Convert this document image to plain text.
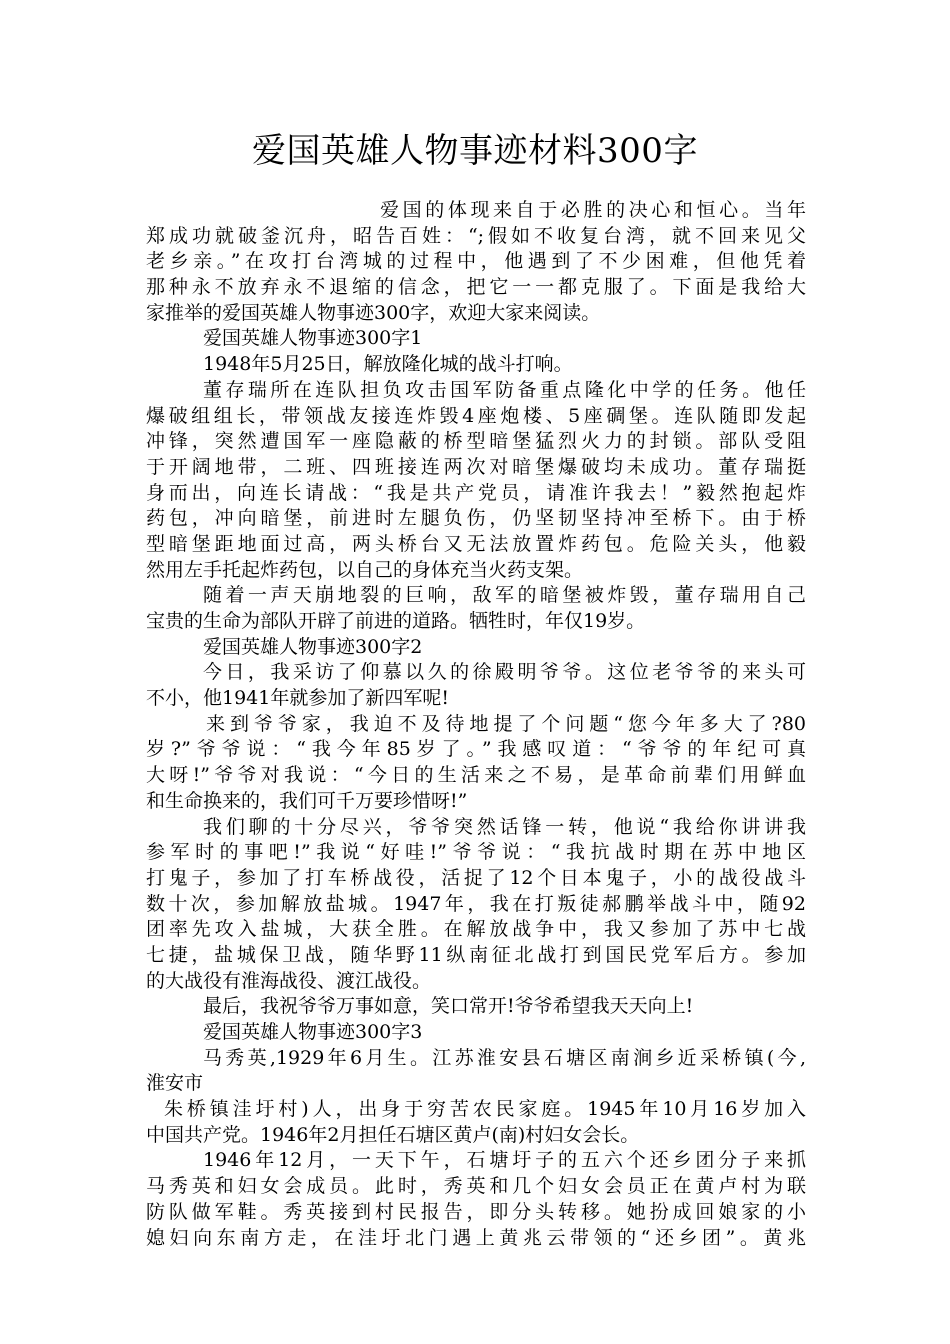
爱国英雄人物事迹材料300字
爱国的体现来自于必胜的决心和恒心。当年
郑成功就破釜沉舟，昭告百姓：“;假如不收复台湾，就不回来见父
老乡亲。”在攻打台湾城的过程中，他遇到了不少困难，但他凭着
那种永不放弃永不退缩的信念，把它一一都克服了。下面是我给大
家推举的爱国英雄人物事迹300字，欢迎大家来阅读。
爱国英雄人物事迹300字1
1948年5月25日，解放隆化城的战斗打响。
董存瑞所在连队担负攻击国军防备重点隆化中学的任务。他任
爆破组组长，带领战友接连炸毁4座炮楼、5座碉堡。连队随即发起
冲锋，突然遭国军一座隐蔽的桥型暗堡猛烈火力的封锁。部队受阻
于开阔地带，二班、四班接连两次对暗堡爆破均未成功。董存瑞挺
身而出，向连长请战：“我是共产党员，请准许我去！”毅然抱起炸
药包，冲向暗堡，前进时左腿负伤，仍坚韧坚持冲至桥下。由于桥
型暗堡距地面过高，两头桥台又无法放置炸药包。危险关头，他毅
然用左手托起炸药包，以自己的身体充当火药支架。
随着一声天崩地裂的巨响，敌军的暗堡被炸毁，董存瑞用自己
宝贵的生命为部队开辟了前进的道路。牺牲时，年仅19岁。
爱国英雄人物事迹300字2
今日，我采访了仰慕以久的徐殿明爷爷。这位老爷爷的来头可
不小，他1941年就参加了新四军呢!
来到爷爷家，我迫不及待地提了个问题“您今年多大了?80
岁?”爷爷说：“我今年85岁了。”我感叹道：“爷爷的年纪可真
大呀!”爷爷对我说：“今日的生活来之不易，是革命前辈们用鲜血
和生命换来的，我们可千万要珍惜呀!”
我们聊的十分尽兴，爷爷突然话锋一转，他说“我给你讲讲我
参军时的事吧!”我说“好哇!”爷爷说：“我抗战时期在苏中地区
打鬼子，参加了打车桥战役，活捉了12个日本鬼子，小的战役战斗
数十次，参加解放盐城。1947年，我在打叛徒郝鹏举战斗中，随92
团率先攻入盐城，大获全胜。在解放战争中，我又参加了苏中七战
七捷，盐城保卫战，随华野11纵南征北战打到国民党军后方。参加
的大战役有淮海战役、渡江战役。
最后，我祝爷爷万事如意，笑口常开!爷爷希望我天天向上!
爱国英雄人物事迹300字3
马秀英,1929年6月生。江苏淮安县石塘区南涧乡近采桥镇(今,
淮安市
朱桥镇洼圩村)人，出身于穷苦农民家庭。1945年10月16岁加入
中国共产党。1946年2月担任石塘区黄卢(南)村妇女会长。
1946年12月，一天下午，石塘圩子的五六个还乡团分子来抓
马秀英和妇女会成员。此时，秀英和几个妇女会员正在黄卢村为联
防队做军鞋。秀英接到村民报告，即分头转移。她扮成回娘家的小
媳妇向东南方走，在洼圩北门遇上黄兆云带领的“还乡团”。黄兆
